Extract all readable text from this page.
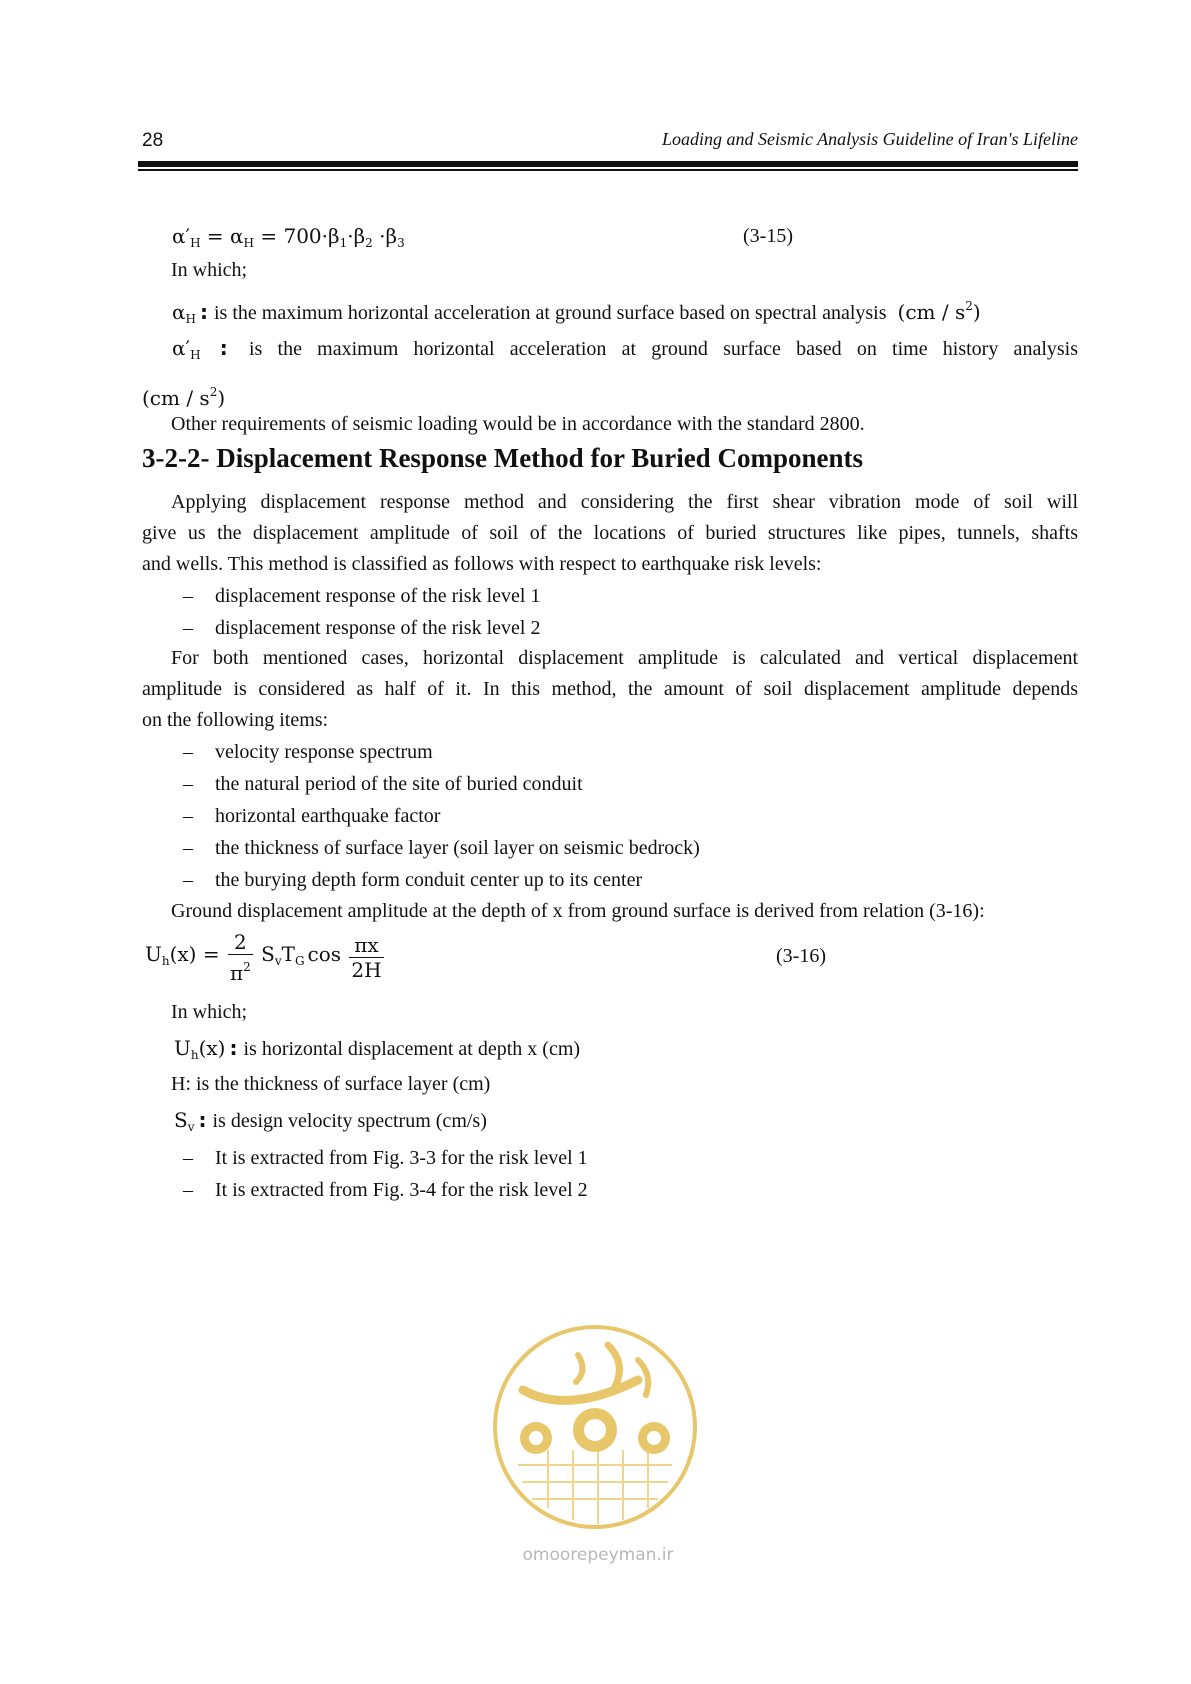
28	Loading and Seismic Analysis Guideline of Iran's Lifeline
$\alpha'_H = \alpha_H = 700\cdot\beta_1\cdot\beta_2 \cdot\beta_3$	(3-15)
In which;
$\alpha_H$ : is the maximum horizontal acceleration at ground surface based on spectral analysis $(cm / s^2)$
$\alpha'_H$ : is the maximum horizontal acceleration at ground surface based on time history analysis
$(cm / s^2)$
Other requirements of seismic loading would be in accordance with the standard 2800.
3-2-2- Displacement Response Method for Buried Components
Applying displacement response method and considering the first shear vibration mode of soil will
give us the displacement amplitude of soil of the locations of buried structures like pipes, tunnels, shafts
and wells. This method is classified as follows with respect to earthquake risk levels:
– displacement response of the risk level 1
– displacement response of the risk level 2
For both mentioned cases, horizontal displacement amplitude is calculated and vertical displacement
amplitude is considered as half of it. In this method, the amount of soil displacement amplitude depends
on the following items:
– velocity response spectrum
– the natural period of the site of buried conduit
– horizontal earthquake factor
– the thickness of surface layer (soil layer on seismic bedrock)
– the burying depth form conduit center up to its center
Ground displacement amplitude at the depth of x from ground surface is derived from relation (3-16):
$U_h(x) = \frac{2}{\pi^2} S_vT_G$ $\cos \frac{\pi x}{2H}$	(3-16)
In which;
$U_h(x)$ : is horizontal displacement at depth x (cm)
H: is the thickness of surface layer (cm)
$S_v$ : is design velocity spectrum (cm/s)
– It is extracted from Fig. 3-3 for the risk level 1
– It is extracted from Fig. 3-4 for the risk level 2
omoorepeyman.ir
